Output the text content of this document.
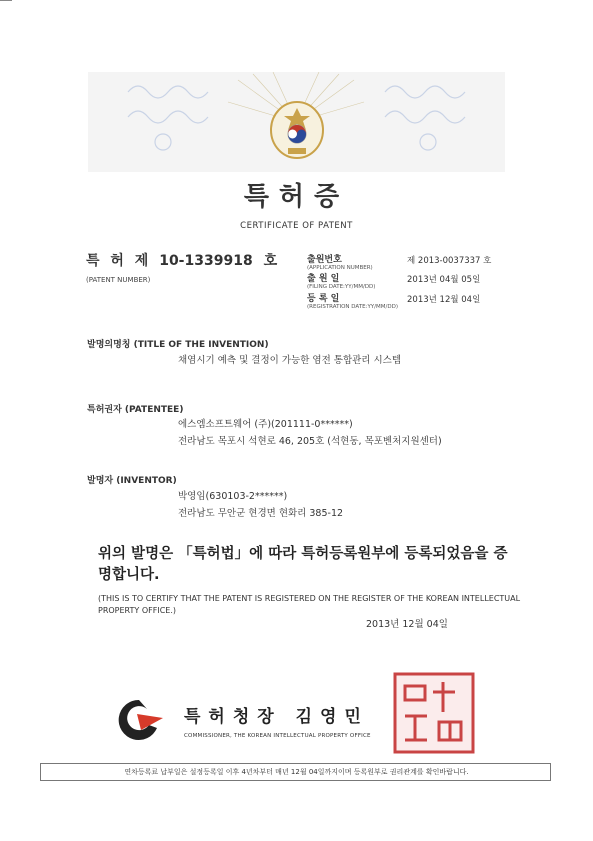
특허증
CERTIFICATE OF PATENT
특 허 제 10-1339918 호
(PATENT NUMBER)
출원번호
(APPLICATION NUMBER)
제 2013-0037337 호
출 원 일
(FILING DATE:YY/MM/DD)
2013년 04월 05일
등 록 일
(REGISTRATION DATE:YY/MM/DD)
2013년 12월 04일
발명의명칭 (TITLE OF THE INVENTION)
채염시기 예측 및 결정이 가능한 염전 통합관리 시스템
특허권자 (PATENTEE)
에스엠소프트웨어 (주)(201111-0******)
전라남도 목포시 석현로 46, 205호 (석현동, 목포벤처지원센터)
발명자 (INVENTOR)
박영임(630103-2******)
전라남도 무안군 현경면 현화리 385-12
위의 발명은 「특허법」에 따라 특허등록원부에 등록되었음을 증명합니다.
(THIS IS TO CERTIFY THAT THE PATENT IS REGISTERED ON THE REGISTER OF THE KOREAN INTELLECTUAL PROPERTY OFFICE.)
2013년 12월 04일
특허청장 김영민
COMMISSIONER, THE KOREAN INTELLECTUAL PROPERTY OFFICE
연차등록료 납부일은 설정등록일 이후 4년차부터 매년 12월 04일까지이며 등록원부로 권리관계를 확인바랍니다.
